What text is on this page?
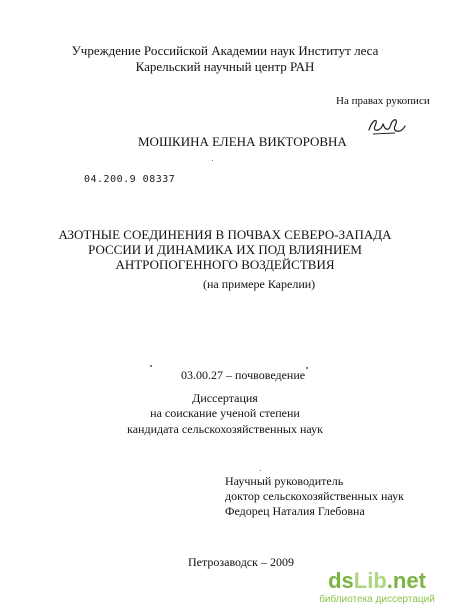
Учреждение Российской Академии наук Институт леса
Карельский научный центр РАН
На правах рукописи
МОШКИНА ЕЛЕНА ВИКТОРОВНА
04.200.9 08337
АЗОТНЫЕ СОЕДИНЕНИЯ В ПОЧВАХ СЕВЕРО-ЗАПАДА
РОССИИ И ДИНАМИКА ИХ ПОД ВЛИЯНИЕМ
АНТРОПОГЕННОГО ВОЗДЕЙСТВИЯ
(на примере Карелии)
03.00.27 – почвоведение
Диссертация
на соискание ученой степени
кандидата сельскохозяйственных наук
Научный руководитель
доктор сельскохозяйственных наук
Федорец Наталия Глебовна
Петрозаводск – 2009
dsLib.net
библиотека диссертаций
